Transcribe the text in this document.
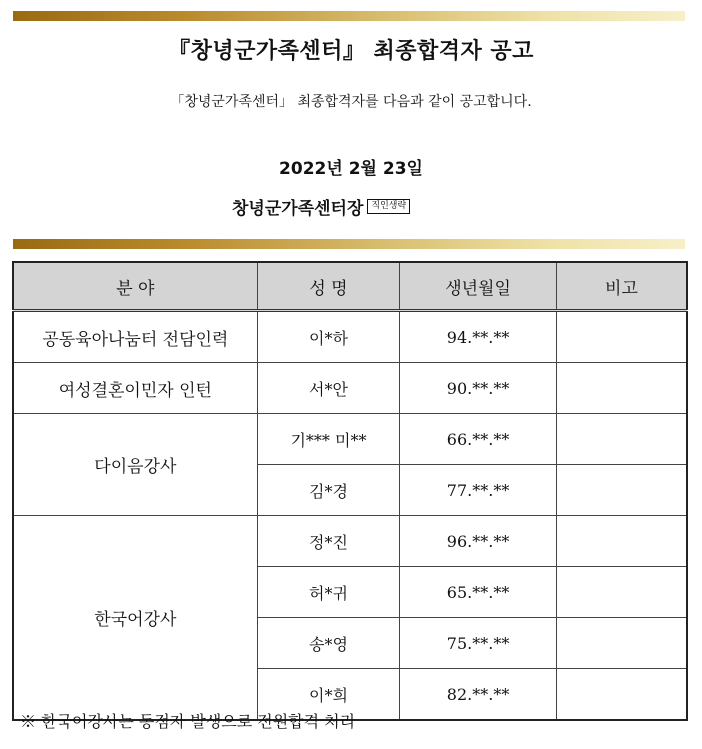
『창녕군가족센터』 최종합격자 공고
「창녕군가족센터」 최종합격자를 다음과 같이 공고합니다.
2022년 2월 23일
창녕군가족센터장 직인생략
분 야	성 명	생년월일	비고
공동육아나눔터 전담인력	이*하	94.**.**	
여성결혼이민자 인턴	서*안	90.**.**	
다이음강사	기*** 미**	66.**.**	
	김*경	77.**.**	
한국어강사	정*진	96.**.**	
	허*귀	65.**.**	
	송*영	75.**.**	
	이*희	82.**.**	
※ 한국어강사는 동점자 발생으로 전원합격 처리
